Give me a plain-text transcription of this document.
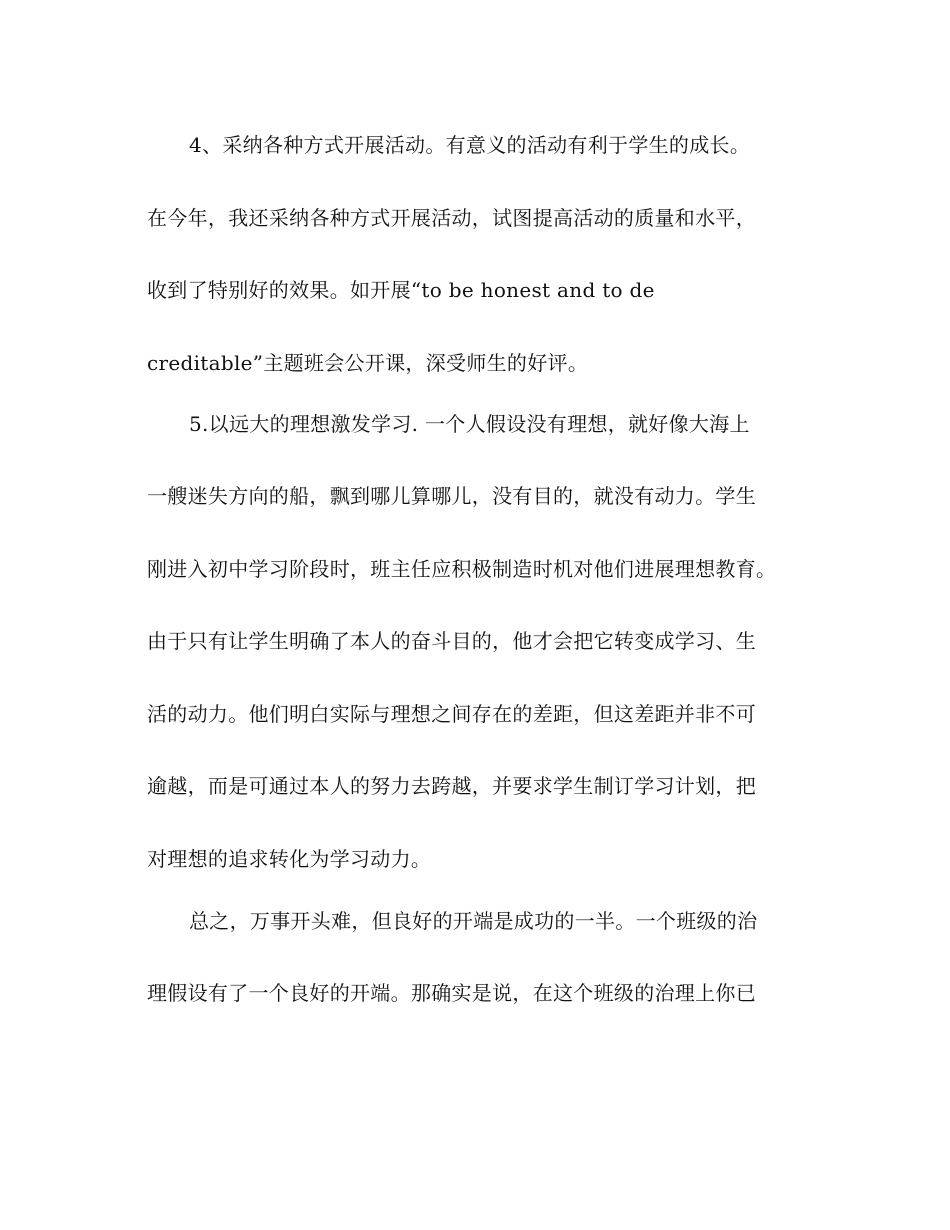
4、采纳各种方式开展活动。有意义的活动有利于学生的成长。
在今年，我还采纳各种方式开展活动，试图提高活动的质量和水平，
收到了特别好的效果。如开展“to be honest and to de
creditable”主题班会公开课，深受师生的好评。
5.以远大的理想激发学习. 一个人假设没有理想，就好像大海上
一艘迷失方向的船，飘到哪儿算哪儿，没有目的，就没有动力。学生
刚进入初中学习阶段时，班主任应积极制造时机对他们进展理想教育。
由于只有让学生明确了本人的奋斗目的，他才会把它转变成学习、生
活的动力。他们明白实际与理想之间存在的差距，但这差距并非不可
逾越，而是可通过本人的努力去跨越，并要求学生制订学习计划，把
对理想的追求转化为学习动力。
总之，万事开头难，但良好的开端是成功的一半。一个班级的治
理假设有了一个良好的开端。那确实是说，在这个班级的治理上你已
